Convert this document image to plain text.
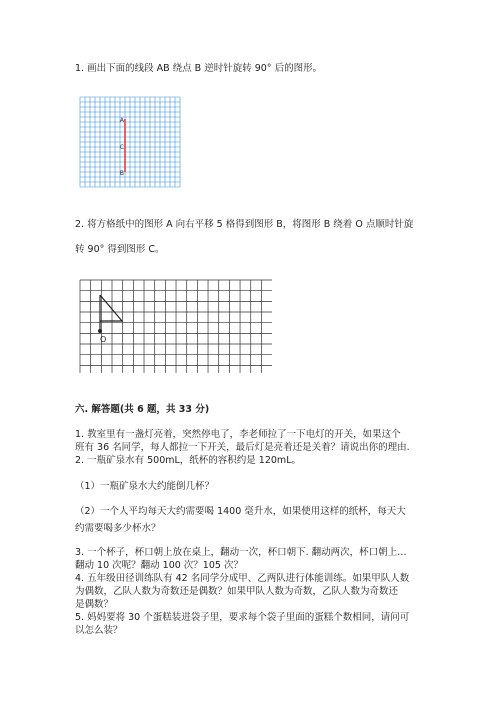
1. 画出下面的线段 AB 绕点 B 逆时针旋转 90° 后的图形。
A
C
B
2. 将方格纸中的图形 A 向右平移 5 格得到图形 B，将图形 B 绕着 O 点顺时针旋
转 90° 得到图形 C。
O
六. 解答题(共 6 题，共 33 分)
1. 教室里有一盏灯亮着，突然停电了，李老师拉了一下电灯的开关，如果这个
班有 36 名同学，每人都拉一下开关，最后灯是亮着还是关着？请说出你的理由.
2. 一瓶矿泉水有 500mL，纸杯的容积约是 120mL。
（1）一瓶矿泉水大约能倒几杯？
（2）一个人平均每天大约需要喝 1400 毫升水，如果使用这样的纸杯，每天大
约需要喝多少杯水？
3. 一个杯子，杯口朝上放在桌上，翻动一次，杯口朝下. 翻动两次，杯口朝上…
翻动 10 次呢？翻动 100 次？105 次？
4. 五年级田径训练队有 42 名同学分成甲、乙两队进行体能训练。如果甲队人数
为偶数，乙队人数为奇数还是偶数？如果甲队人数为奇数，乙队人数为奇数还
是偶数？
5. 妈妈要将 30 个蛋糕装进袋子里，要求每个袋子里面的蛋糕个数相同，请问可
以怎么装？
